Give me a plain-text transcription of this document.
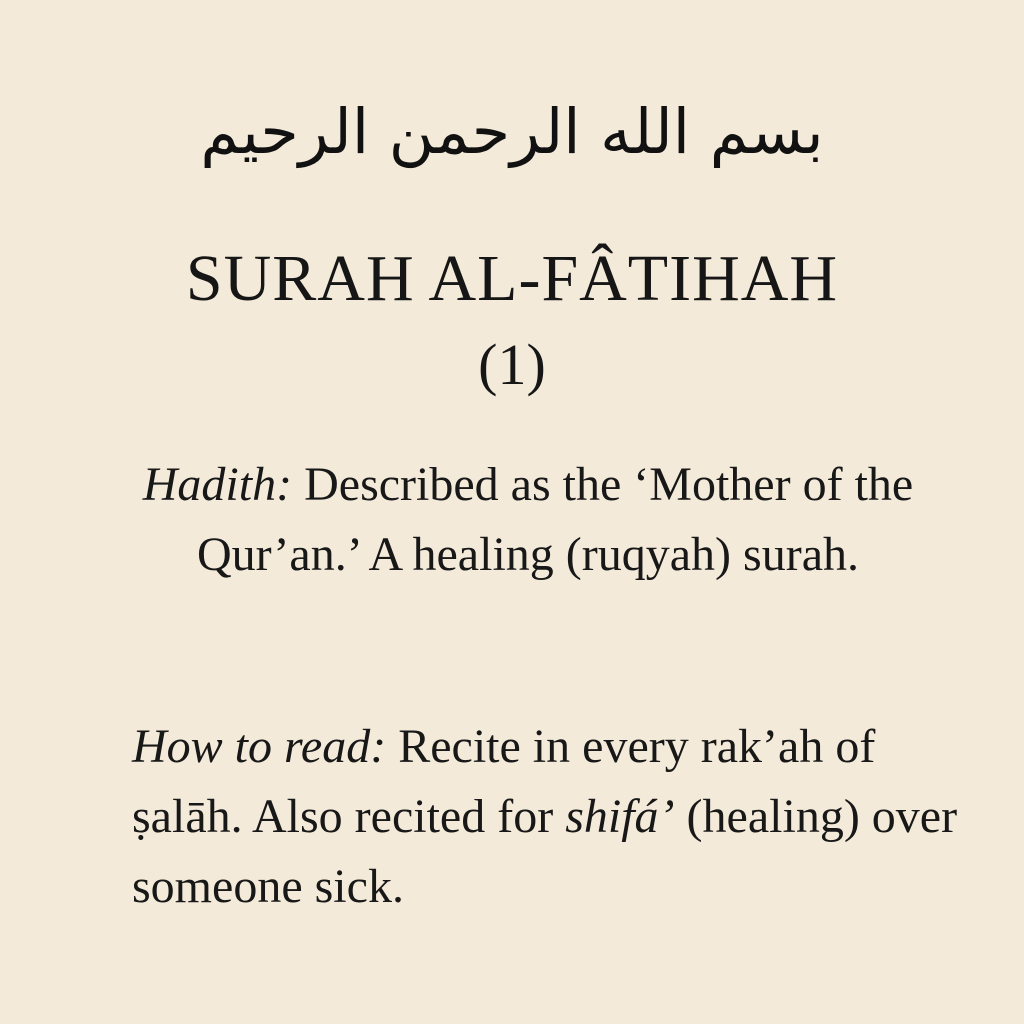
بسم الله الرحمن الرحيم
SURAH AL-FÂTIHAH
(1)
Hadith: Described as the ‘Mother of the Qur’an.’ A healing (ruqyah) surah.
How to read: Recite in every rak’ah of ṣalāh. Also recited for shifá’ (healing) over someone sick.
